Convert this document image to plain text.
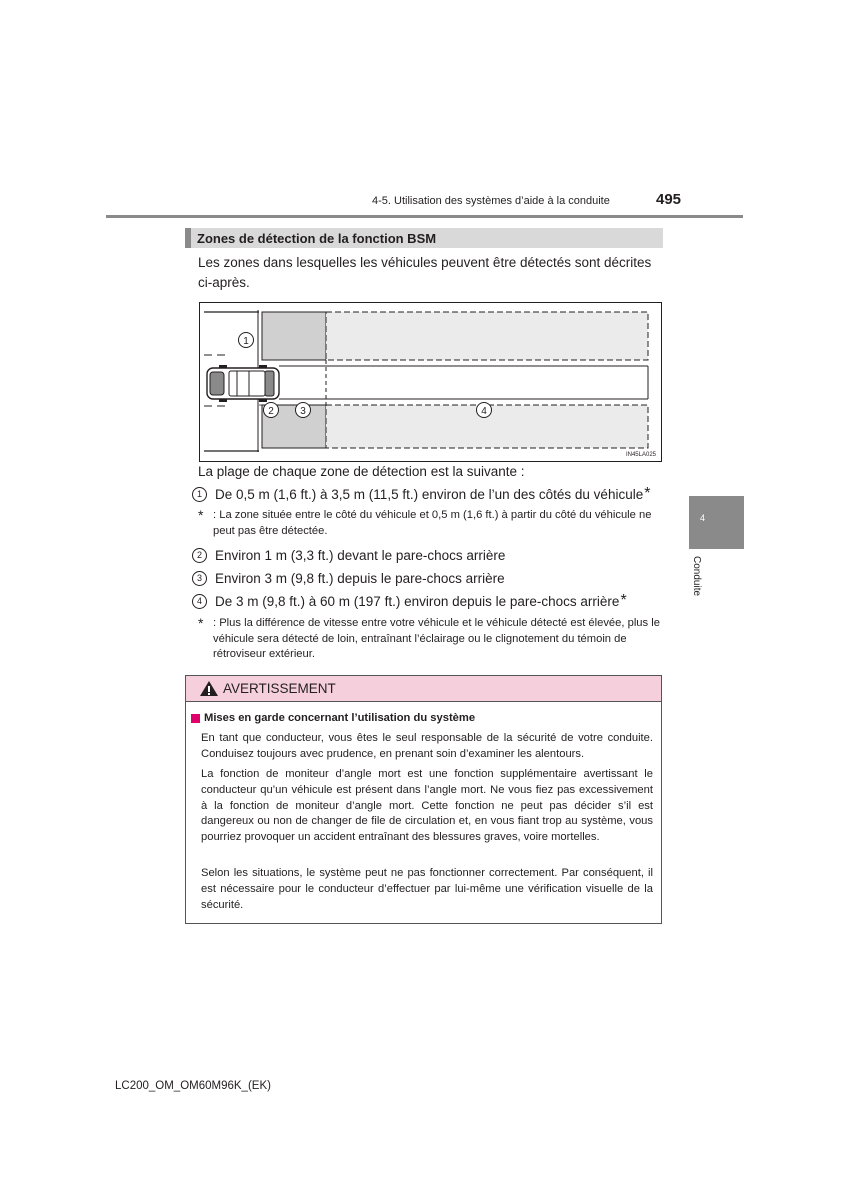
4-5. Utilisation des systèmes d’aide à la conduite	495
Zones de détection de la fonction BSM
Les zones dans lesquelles les véhicules peuvent être détectés sont décrites ci-après.
1
2	3	4
IN45LA025
La plage de chaque zone de détection est la suivante :
1 De 0,5 m (1,6 ft.) à 3,5 m (11,5 ft.) environ de l’un des côtés du véhicule *
* : La zone située entre le côté du véhicule et 0,5 m (1,6 ft.) à partir du côté du véhicule ne peut pas être détectée.
2 Environ 1 m (3,3 ft.) devant le pare-chocs arrière
3 Environ 3 m (9,8 ft.) depuis le pare-chocs arrière
4 De 3 m (9,8 ft.) à 60 m (197 ft.) environ depuis le pare-chocs arrière *
* : Plus la différence de vitesse entre votre véhicule et le véhicule détecté est élevée, plus le véhicule sera détecté de loin, entraînant l’éclairage ou le clignotement du témoin de rétroviseur extérieur.
AVERTISSEMENT
Mises en garde concernant l’utilisation du système
En tant que conducteur, vous êtes le seul responsable de la sécurité de votre conduite. Conduisez toujours avec prudence, en prenant soin d’examiner les alentours.
La fonction de moniteur d’angle mort est une fonction supplémentaire avertissant le conducteur qu’un véhicule est présent dans l’angle mort. Ne vous fiez pas excessivement à la fonction de moniteur d’angle mort. Cette fonction ne peut pas décider s’il est dangereux ou non de changer de file de circulation et, en vous fiant trop au système, vous pourriez provoquer un accident entraînant des blessures graves, voire mortelles.
Selon les situations, le système peut ne pas fonctionner correctement. Par conséquent, il est nécessaire pour le conducteur d’effectuer par lui-même une vérification visuelle de la sécurité.
4
Conduite
LC200_OM_OM60M96K_(EK)
